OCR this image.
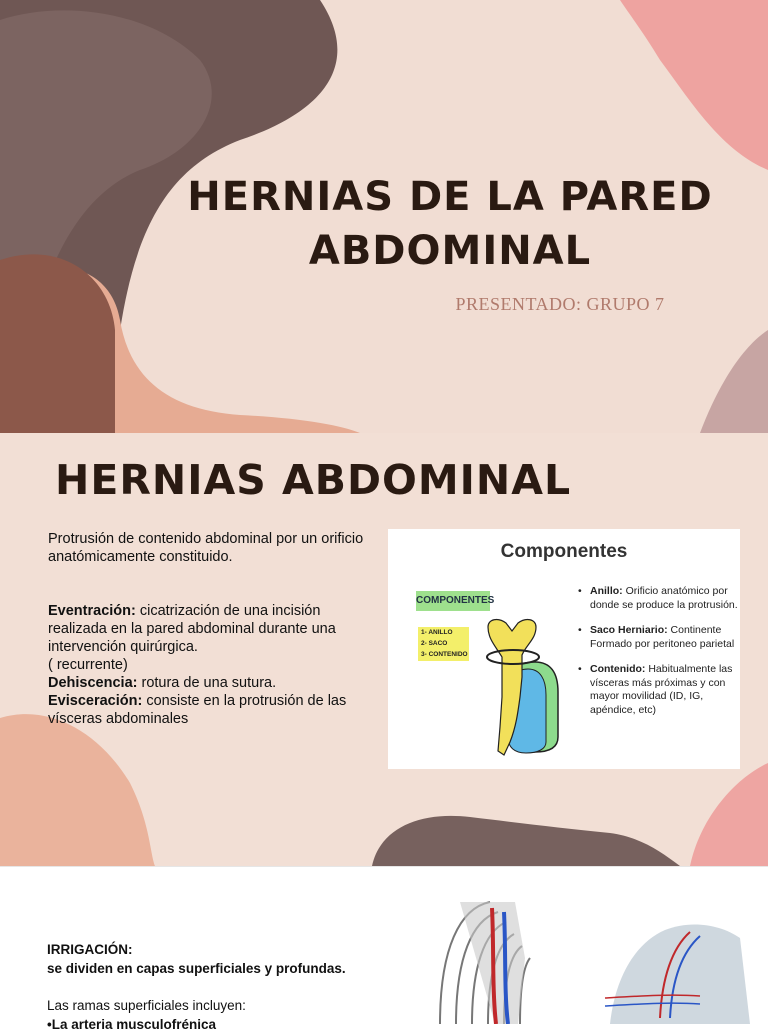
HERNIAS DE LA PARED
ABDOMINAL
PRESENTADO: GRUPO 7
HERNIAS ABDOMINAL

Protrusión de contenido abdominal por un orificio anatómicamente constituido.

Eventración: cicatrización de una incisión realizada en la pared abdominal durante una intervención quirúrgica.

( recurrente)

Dehiscencia: rotura de una sutura.

Evisceración: consiste en la protrusión de las vísceras abdominales

Componentes
COMPONENTES
1- ANILLO
2- SACO
3- CONTENIDO
• Anillo: Orificio anatómico por donde se produce la protrusión.
• Saco Herniario: Continente Formado por peritoneo parietal
• Contenido: Habitualmente las vísceras más próximas y con mayor movilidad (ID, IG, apéndice, etc)

IRRIGACIÓN:

se dividen en capas superficiales y profundas.

Las ramas superficiales incluyen:

•La arteria musculofrénica
